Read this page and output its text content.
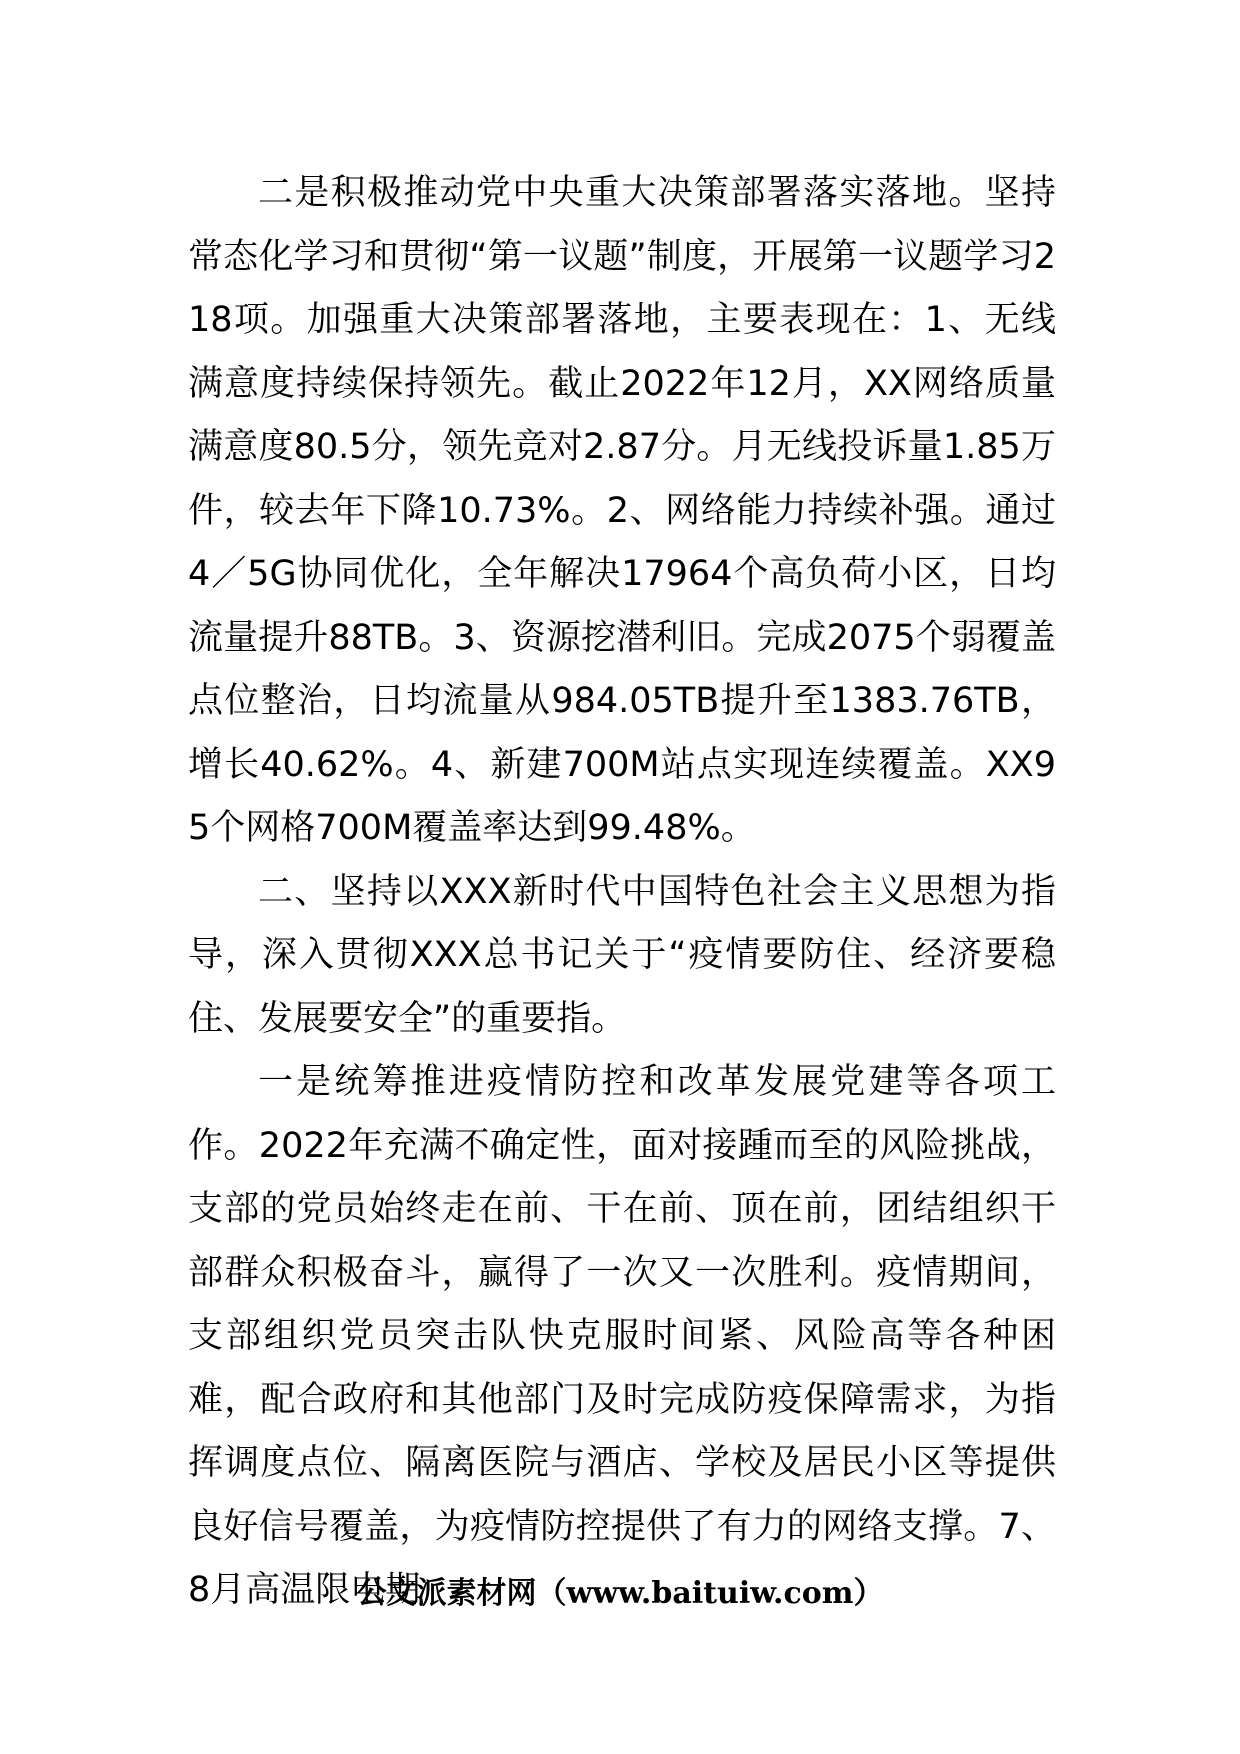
二是积极推动党中央重大决策部署落实落地。坚持常态化学习和贯彻“第一议题”制度，开展第一议题学习218项。加强重大决策部署落地，主要表现在：1、无线满意度持续保持领先。截止2022年12月，XX网络质量满意度80.5分，领先竞对2.87分。月无线投诉量1.85万件，较去年下降10.73%。2、网络能力持续补强。通过4／5G协同优化，全年解决17964个高负荷小区，日均流量提升88TB。3、资源挖潜利旧。完成2075个弱覆盖点位整治，日均流量从984.05TB提升至1383.76TB，增长40.62%。4、新建700M站点实现连续覆盖。XX95个网格700M覆盖率达到99.48%。

二、坚持以XXX新时代中国特色社会主义思想为指导，深入贯彻XXX总书记关于“疫情要防住、经济要稳住、发展要安全”的重要指。

一是统筹推进疫情防控和改革发展党建等各项工作。2022年充满不确定性，面对接踵而至的风险挑战，支部的党员始终走在前、干在前、顶在前，团结组织干部群众积极奋斗，赢得了一次又一次胜利。疫情期间，支部组织党员突击队快克服时间紧、风险高等各种困难，配合政府和其他部门及时完成防疫保障需求，为指挥调度点位、隔离医院与酒店、学校及居民小区等提供良好信号覆盖，为疫情防控提供了有力的网络支撑。7、8月高温限电期

公文派素材网（www.baituiw.com）
